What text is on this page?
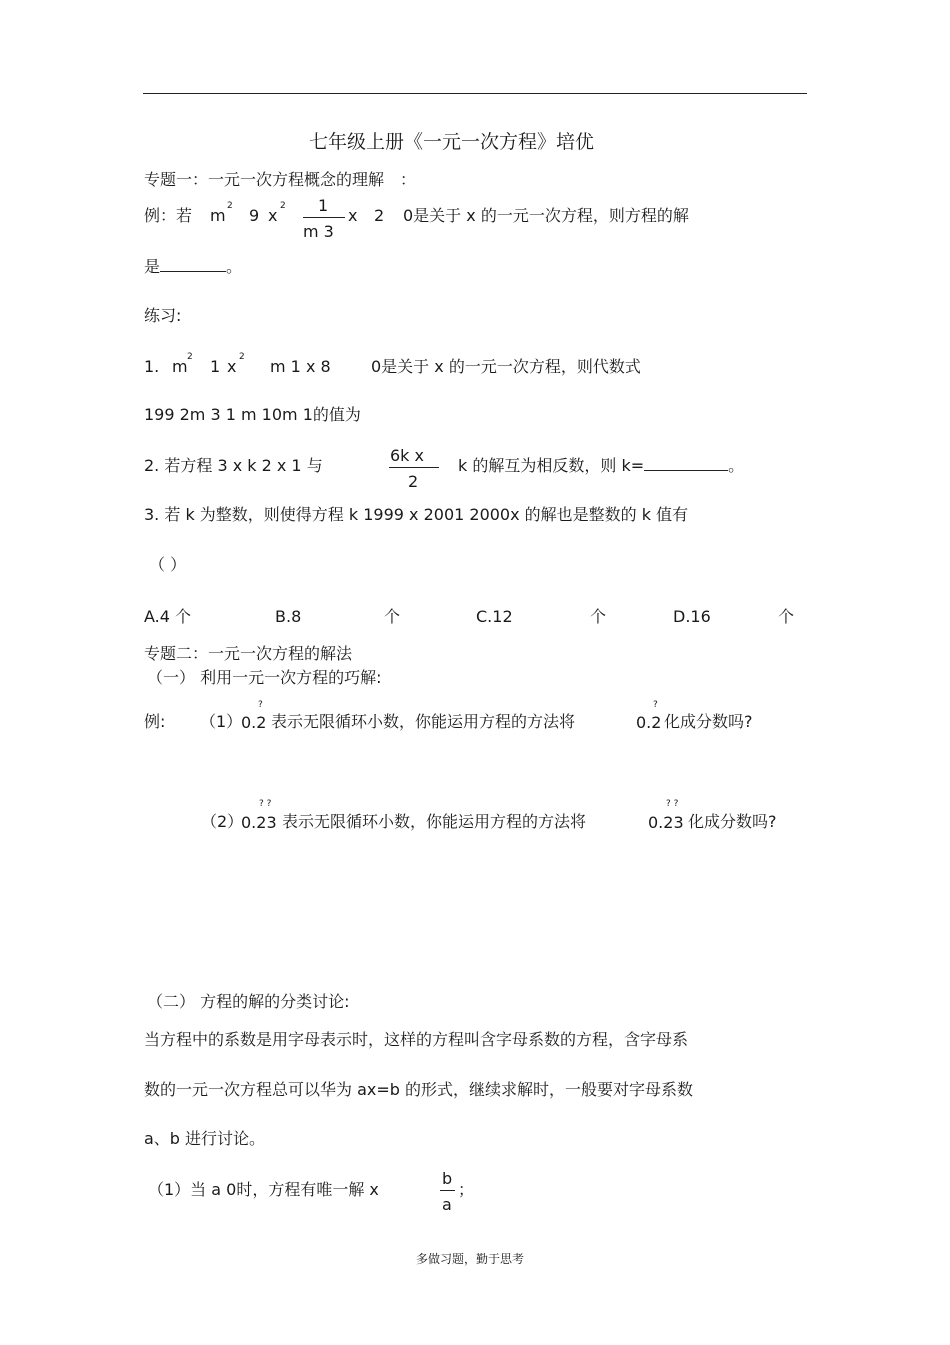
七年级上册《一元一次方程》培优
专题一：一元一次方程概念的理解　：
例：若 m 2 9 x 2 1
m 3
x 2 0是关于 x 的一元一次方程，则方程的解
是	。
练习:
1. m 2 1 x 2 m 1 x 8	0是关于 x 的一元一次方程，则代数式
199 2m 3 1 m 10m 1的值为
2. 若方程 3 x k 2 x 1 与
6k x
2
k 的解互为相反数，则 k=	。
3. 若 k 为整数，则使得方程 k 1999 x 2001 2000x 的解也是整数的 k 值有
（ ）
A.4 个	B.8	个	C.12	个	D.16	个
专题二：一元一次方程的解法
（一） 利用一元一次方程的巧解:
例: （1）
?
0.2 表示无限循环小数，你能运用方程的方法将
?
0.2 化成分数吗?
（2）
? ?
0.23 表示无限循环小数，你能运用方程的方法将
? ?
0.23 化成分数吗?
（二） 方程的解的分类讨论:
当方程中的系数是用字母表示时，这样的方程叫含字母系数的方程，含字母系
数的一元一次方程总可以华为 ax=b 的形式，继续求解时，一般要对字母系数
a、b 进行讨论。
（1）当 a 0时，方程有唯一解 x
b
a
；
多做习题，勤于思考
